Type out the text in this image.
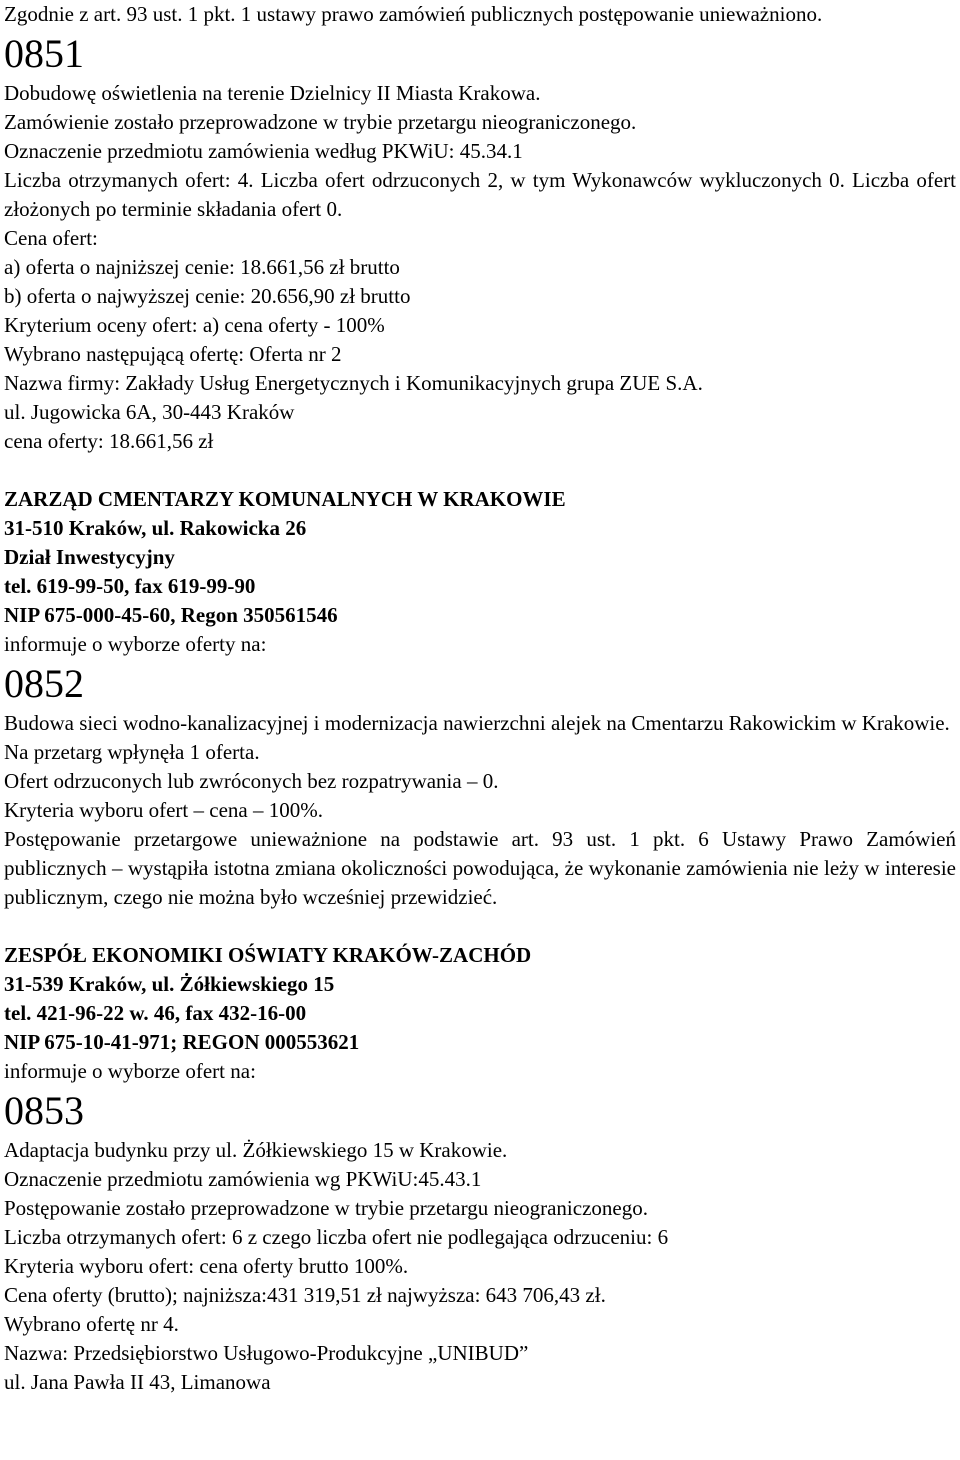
Zgodnie z art. 93 ust. 1 pkt. 1 ustawy prawo zamówień publicznych postępowanie unieważniono.

0851

Dobudowę oświetlenia na terenie Dzielnicy II Miasta Krakowa.

Zamówienie zostało przeprowadzone w trybie przetargu nieograniczonego.

Oznaczenie przedmiotu zamówienia według PKWiU: 45.34.1

Liczba otrzymanych ofert: 4. Liczba ofert odrzuconych 2, w tym Wykonawców wykluczonych 0. Liczba ofert złożonych po terminie składania ofert 0.

Cena ofert:

a) oferta o najniższej cenie: 18.661,56 zł brutto

b) oferta o najwyższej cenie: 20.656,90 zł brutto

Kryterium oceny ofert: a) cena oferty - 100%

Wybrano następującą ofertę: Oferta nr 2

Nazwa firmy: Zakłady Usług Energetycznych i Komunikacyjnych grupa ZUE S.A.

ul. Jugowicka 6A, 30-443 Kraków

cena oferty: 18.661,56 zł

ZARZĄD CMENTARZY KOMUNALNYCH W KRAKOWIE

31-510 Kraków, ul. Rakowicka 26

Dział Inwestycyjny

tel. 619-99-50, fax 619-99-90

NIP 675-000-45-60, Regon 350561546

informuje o wyborze oferty na:

0852

Budowa sieci wodno-kanalizacyjnej i modernizacja nawierzchni alejek na Cmentarzu Rakowickim w Krakowie.

Na przetarg wpłynęła 1 oferta.

Ofert odrzuconych lub zwróconych bez rozpatrywania – 0.

Kryteria wyboru ofert – cena – 100%.

Postępowanie przetargowe unieważnione na podstawie art. 93 ust. 1 pkt. 6 Ustawy Prawo Zamówień publicznych – wystąpiła istotna zmiana okoliczności powodująca, że wykonanie zamówienia nie leży w interesie publicznym, czego nie można było wcześniej przewidzieć.

ZESPÓŁ EKONOMIKI OŚWIATY KRAKÓW-ZACHÓD

31-539 Kraków, ul. Żółkiewskiego 15

tel. 421-96-22 w. 46, fax 432-16-00

NIP 675-10-41-971; REGON 000553621

informuje o wyborze ofert na:

0853

Adaptacja budynku przy ul. Żółkiewskiego 15 w Krakowie.

Oznaczenie przedmiotu zamówienia wg PKWiU:45.43.1

Postępowanie zostało przeprowadzone w trybie przetargu nieograniczonego.

Liczba otrzymanych ofert: 6 z czego liczba ofert nie podlegająca odrzuceniu: 6

Kryteria wyboru ofert: cena oferty brutto 100%.

Cena oferty (brutto); najniższa:431 319,51 zł najwyższa: 643 706,43 zł.

Wybrano ofertę nr 4.

Nazwa: Przedsiębiorstwo Usługowo-Produkcyjne „UNIBUD”

ul. Jana Pawła II 43, Limanowa
